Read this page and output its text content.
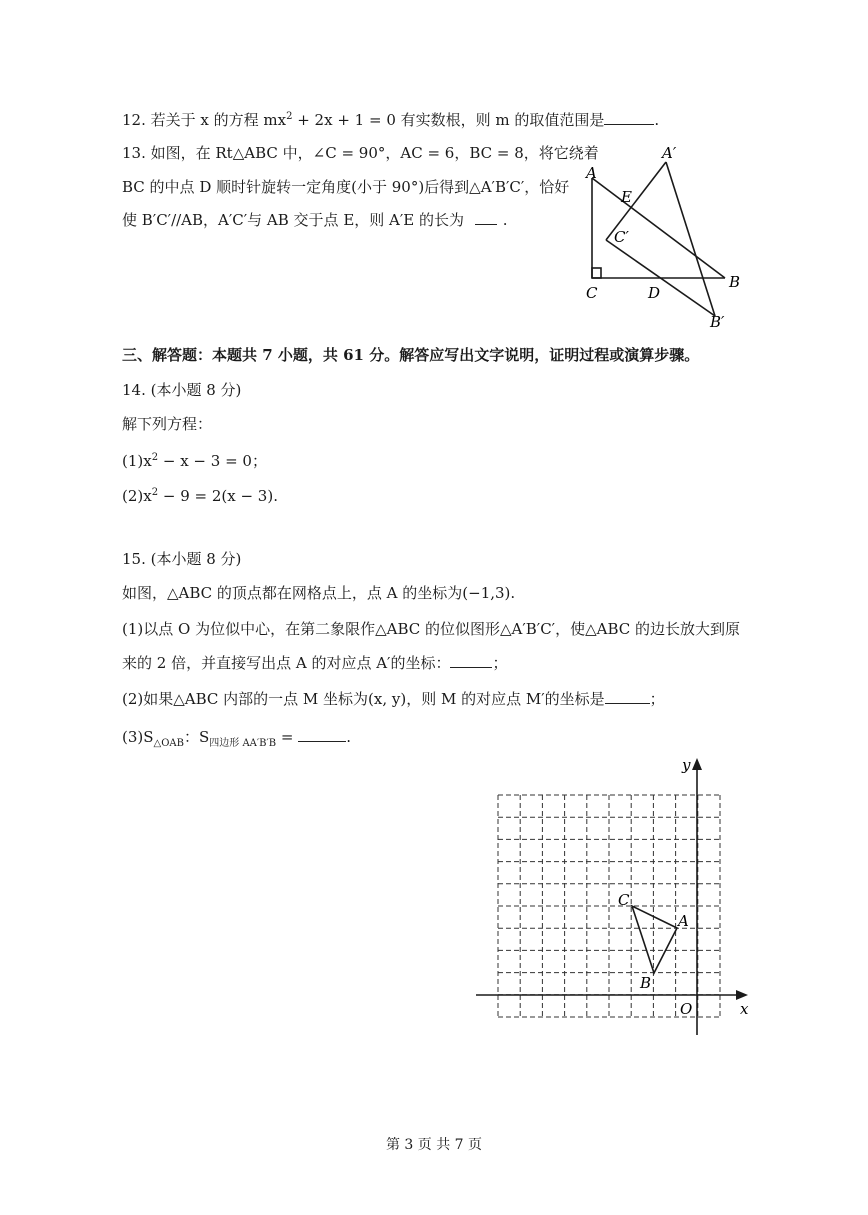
12. 若关于 x 的方程 $mx^2 + 2x + 1 = 0$ 有实数根，则 m 的取值范围是	.
13. 如图，在 Rt△ABC 中，∠C = 90°，AC = 6，BC = 8，将它绕着
BC 的中点 D 顺时针旋转一定角度(小于 90°)后得到△A′B′C′，恰好
使 B′C′//AB，A′C′与 AB 交于点 E，则 A′E 的长为	.
A
A′
E
C′
B
C	D
B′
三、解答题：本题共 7 小题，共 61 分。解答应写出文字说明，证明过程或演算步骤。
14. (本小题 8 分)
解下列方程：
$(1)x^2 - x - 3 = 0$；
$(2)x^2 - 9 = 2(x - 3)$.
15. (本小题 8 分)
如图，△ABC 的顶点都在网格点上，点 A 的坐标为(−1,3).
(1)以点 O 为位似中心，在第二象限作△ABC 的位似图形△A′B′C′，使△ABC 的边长放大到原
来的 2 倍，并直接写出点 A 的对应点 A′的坐标：	；
(2)如果△ABC 内部的一点 M 坐标为(x, y)，则 M 的对应点 M′的坐标是	；
$(3)S_{\triangle OAB}$：$S_{四边形 AA'B'B}$ =	.
y
x
O
A
B
C
第 3 页 共 7 页
